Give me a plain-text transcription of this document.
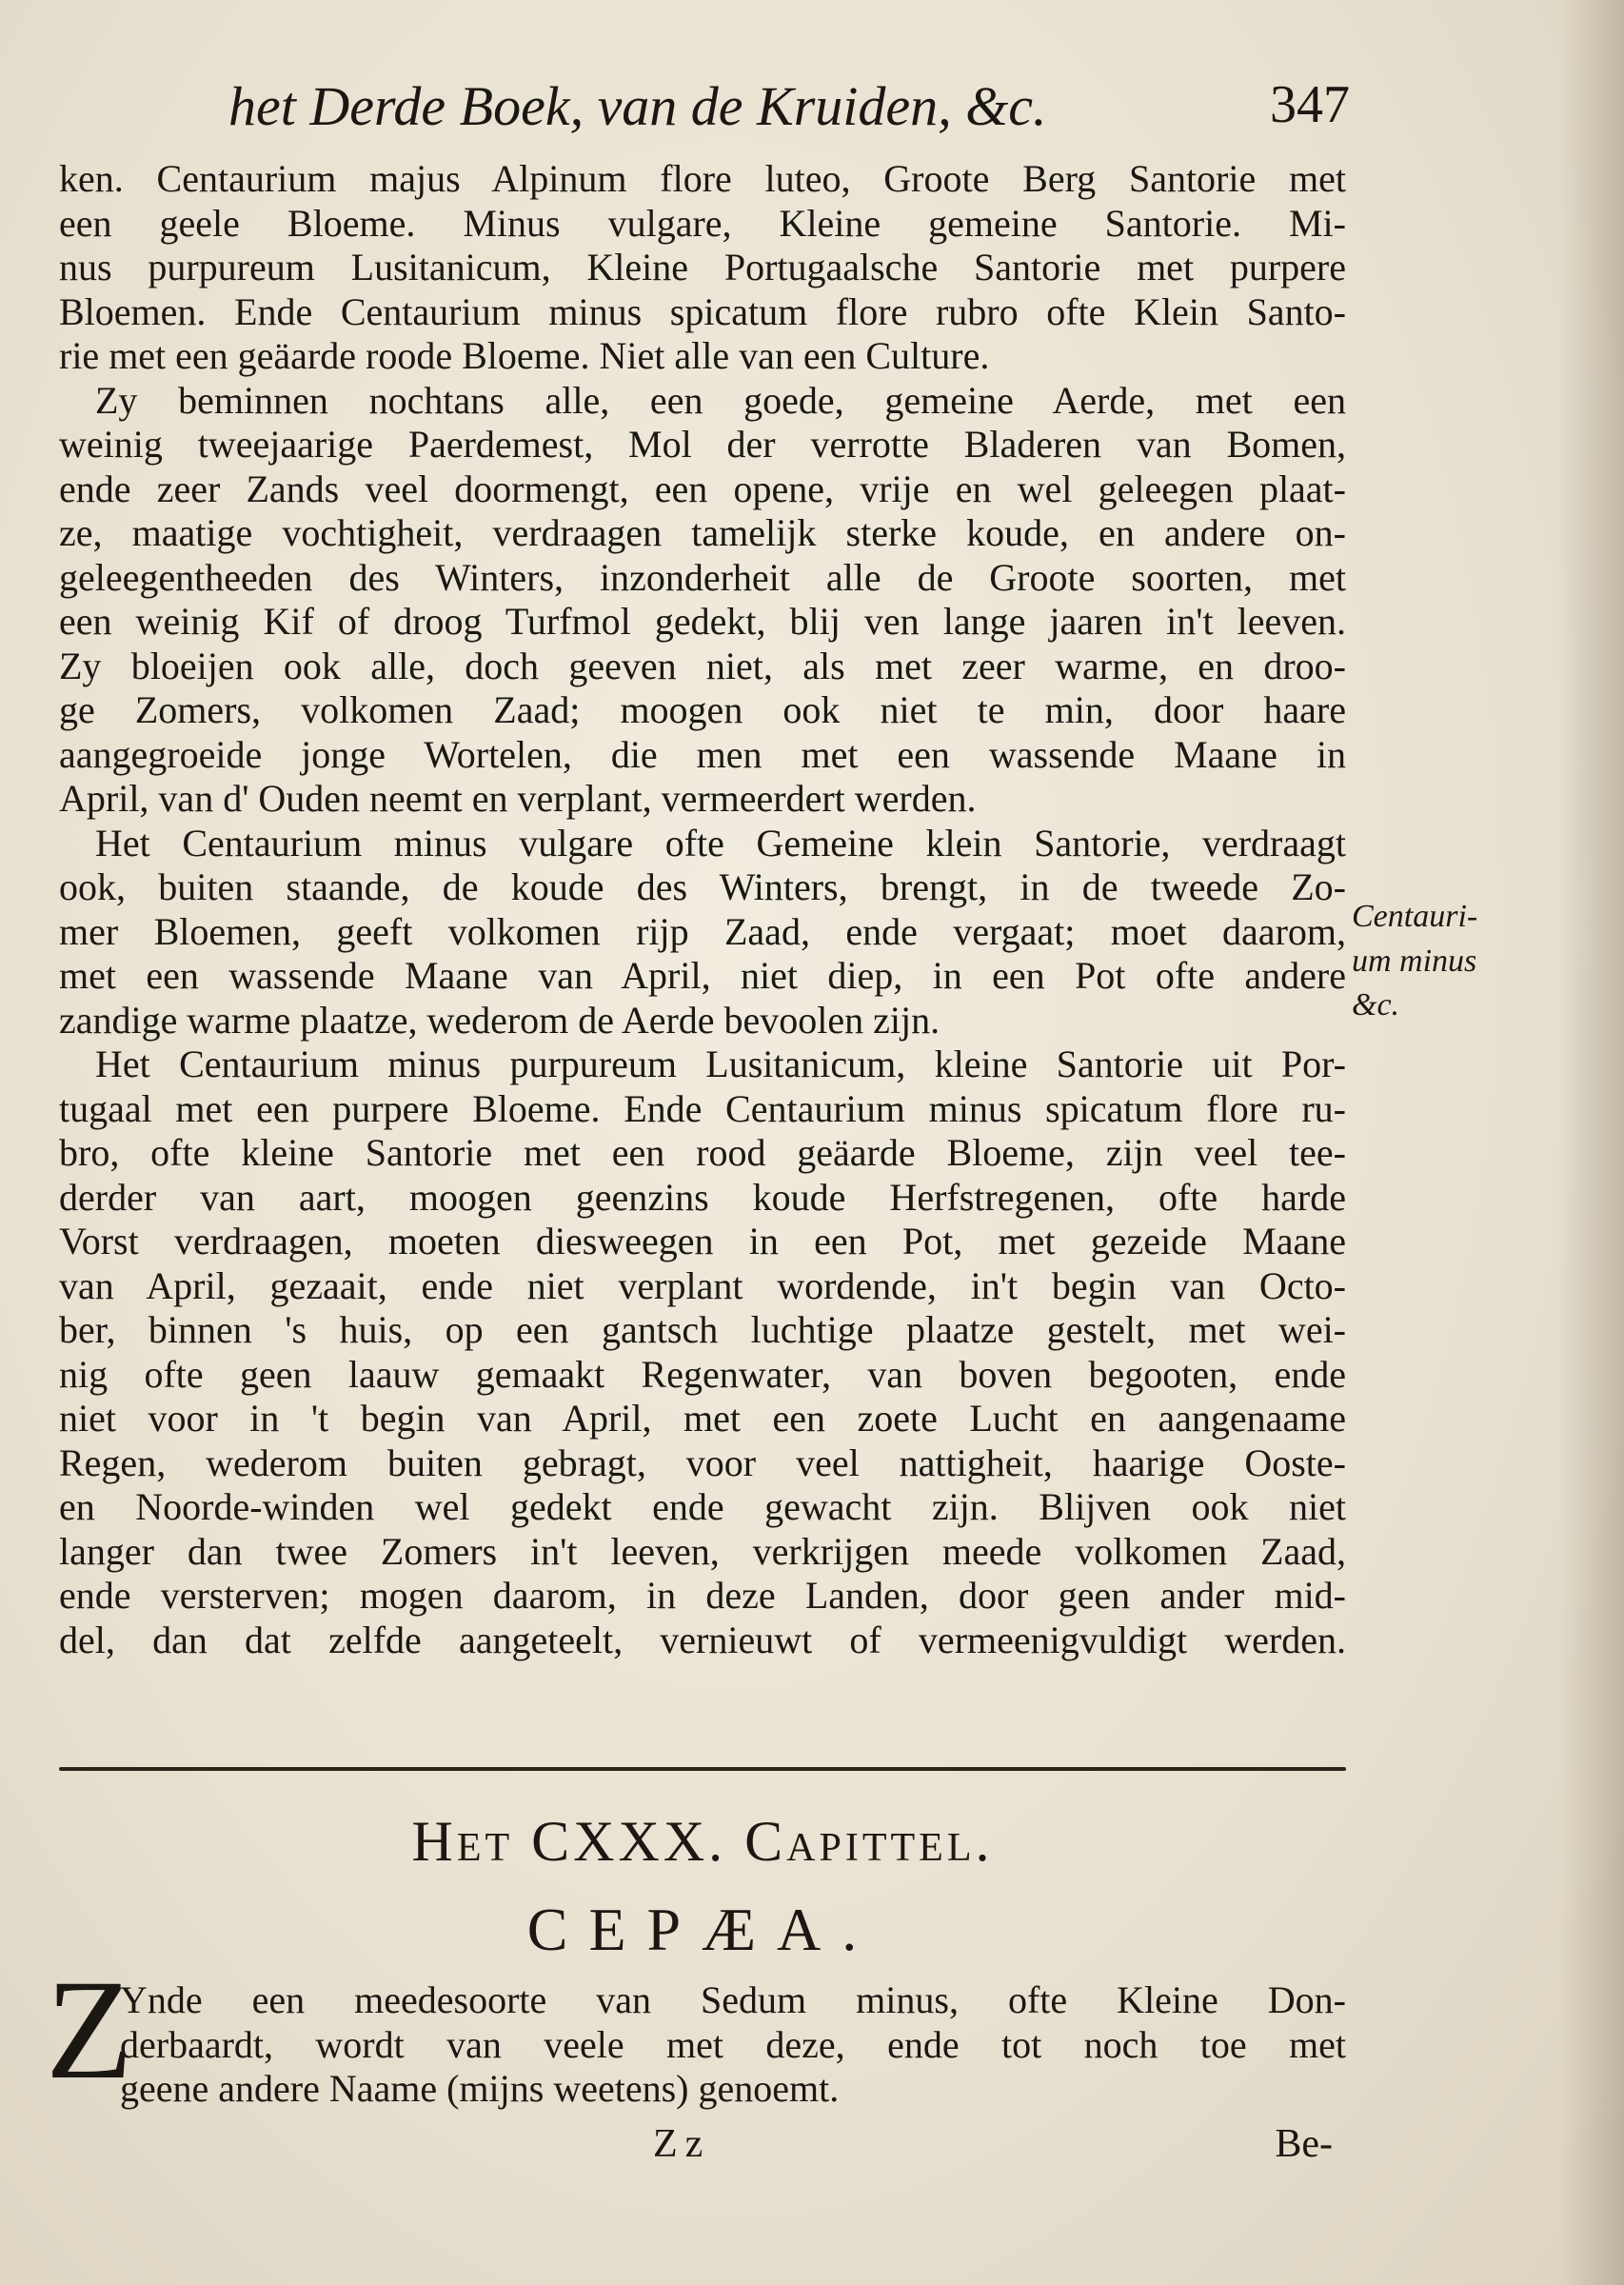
het Derde Boek, van de Kruiden, &c.	347
ken. Centaurium majus Alpinum flore luteo, Groote Berg Santorie met
een geele Bloeme. Minus vulgare, Kleine gemeine Santorie. Mi-
nus purpureum Lusitanicum, Kleine Portugaalsche Santorie met purpere
Bloemen. Ende Centaurium minus spicatum flore rubro ofte Klein Santo-
rie met een geäarde roode Bloeme. Niet alle van een Culture.
Zy beminnen nochtans alle, een goede, gemeine Aerde, met een
weinig tweejaarige Paerdemest, Mol der verrotte Bladeren van Bomen,
ende zeer Zands veel doormengt, een opene, vrije en wel geleegen plaat-
ze, maatige vochtigheit, verdraagen tamelijk sterke koude, en andere on-
geleegentheeden des Winters, inzonderheit alle de Groote soorten, met
een weinig Kif of droog Turfmol gedekt, blij ven lange jaaren in't leeven.
Zy bloeijen ook alle, doch geeven niet, als met zeer warme, en droo-
ge Zomers, volkomen Zaad; moogen ook niet te min, door haare
aangegroeide jonge Wortelen, die men met een wassende Maane in
April, van d' Ouden neemt en verplant, vermeerdert werden.
Het Centaurium minus vulgare ofte Gemeine klein Santorie, verdraagt
ook, buiten staande, de koude des Winters, brengt, in de tweede Zo-
mer Bloemen, geeft volkomen rijp Zaad, ende vergaat; moet daarom,
met een wassende Maane van April, niet diep, in een Pot ofte andere
zandige warme plaatze, wederom de Aerde bevoolen zijn.
Het Centaurium minus purpureum Lusitanicum, kleine Santorie uit Por-
tugaal met een purpere Bloeme. Ende Centaurium minus spicatum flore ru-
bro, ofte kleine Santorie met een rood geäarde Bloeme, zijn veel tee-
derder van aart, moogen geenzins koude Herfstregenen, ofte harde
Vorst verdraagen, moeten diesweegen in een Pot, met gezeide Maane
van April, gezaait, ende niet verplant wordende, in't begin van Octo-
ber, binnen 's huis, op een gantsch luchtige plaatze gestelt, met wei-
nig ofte geen laauw gemaakt Regenwater, van boven begooten, ende
niet voor in 't begin van April, met een zoete Lucht en aangenaame
Regen, wederom buiten gebragt, voor veel nattigheit, haarige Ooste-
en Noorde-winden wel gedekt ende gewacht zijn. Blijven ook niet
langer dan twee Zomers in't leeven, verkrijgen meede volkomen Zaad,
ende versterven; mogen daarom, in deze Landen, door geen ander mid-
del, dan dat zelfde aangeteelt, vernieuwt of vermeenigvuldigt werden.
Centauri-
um minus
&c.
Het CXXX. Capittel.
CEPÆA.
Z
Ynde een meedesoorte van Sedum minus, ofte Kleine Don-
derbaardt, wordt van veele met deze, ende tot noch toe met
geene andere Naame (mijns weetens) genoemt.
Zz	Be-
